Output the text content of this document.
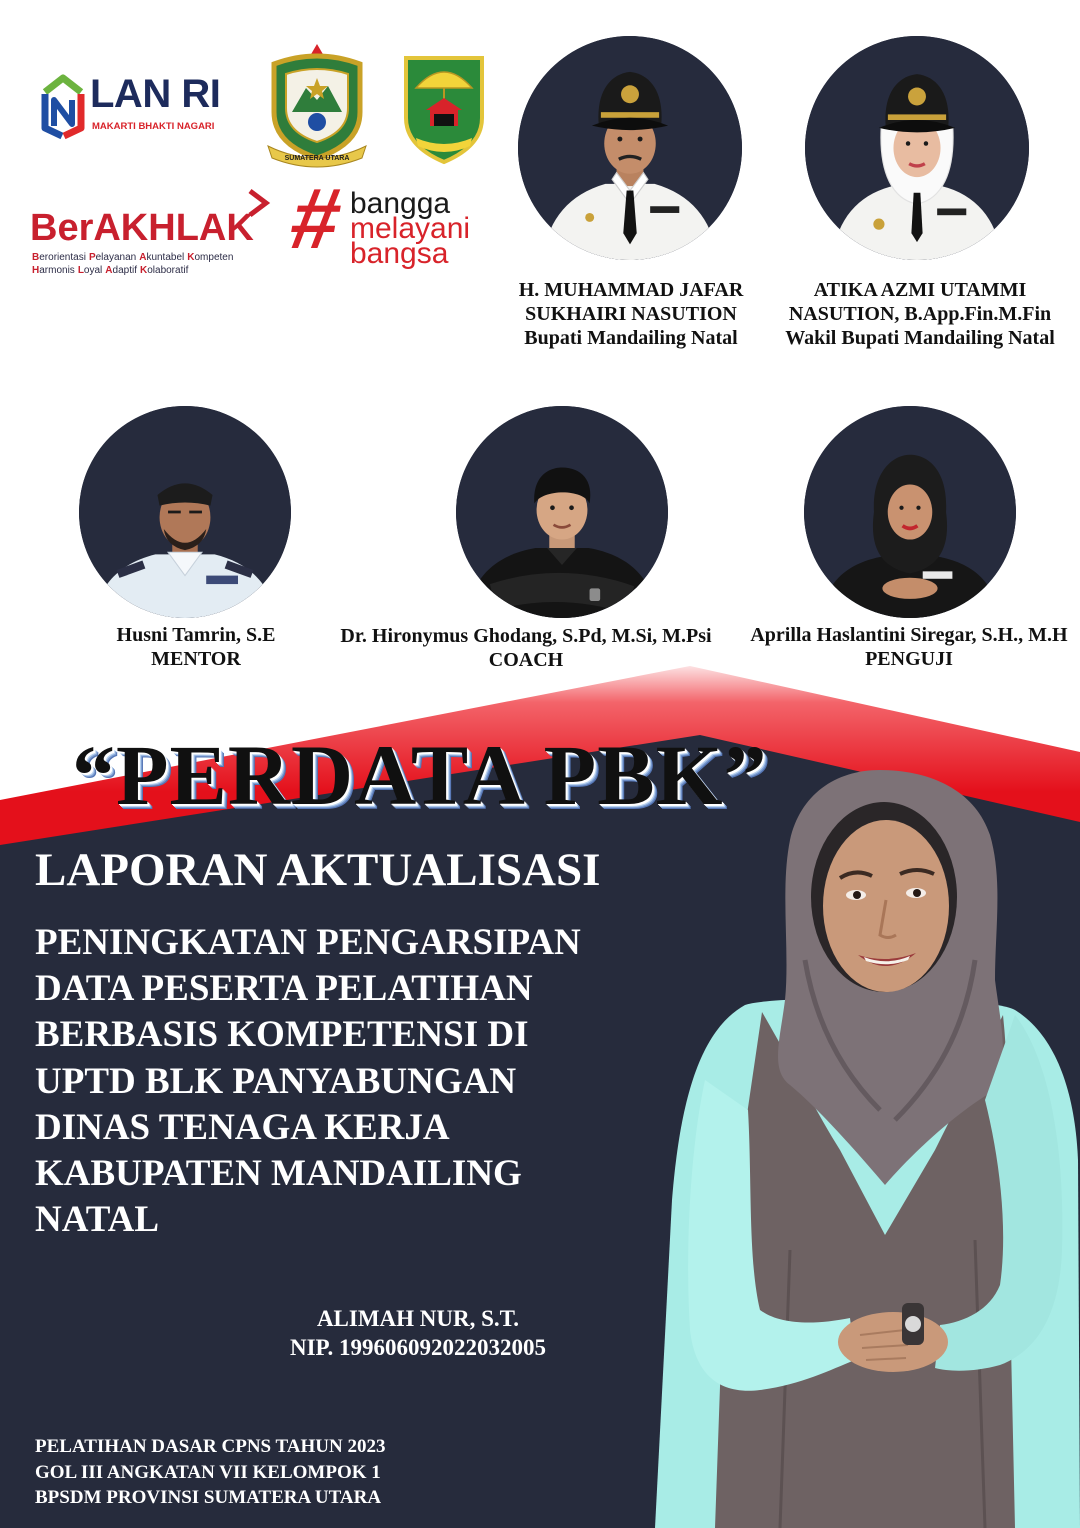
LAN RI
MAKARTI BHAKTI NAGARI
SUMATERA UTARA
BerAKHLAK
Berorientasi Pelayanan Akuntabel Kompeten
Harmonis Loyal Adaptif Kolaboratif
# bangga
melayani
bangsa
H. MUHAMMAD JAFAR
SUKHAIRI NASUTION
Bupati Mandailing Natal
ATIKA AZMI UTAMMI
NASUTION, B.App.Fin.M.Fin
Wakil Bupati Mandailing Natal
Husni Tamrin, S.E
MENTOR
Dr. Hironymus Ghodang, S.Pd, M.Si, M.Psi
COACH
Aprilla Haslantini Siregar, S.H., M.H
PENGUJI
“PERDATA PBK”
LAPORAN AKTUALISASI
PENINGKATAN PENGARSIPAN
DATA PESERTA PELATIHAN
BERBASIS KOMPETENSI DI
UPTD BLK PANYABUNGAN
DINAS TENAGA KERJA
KABUPATEN MANDAILING
NATAL
ALIMAH NUR, S.T.
NIP. 199606092022032005
PELATIHAN DASAR CPNS TAHUN 2023
GOL III ANGKATAN VII KELOMPOK 1
BPSDM PROVINSI SUMATERA UTARA
